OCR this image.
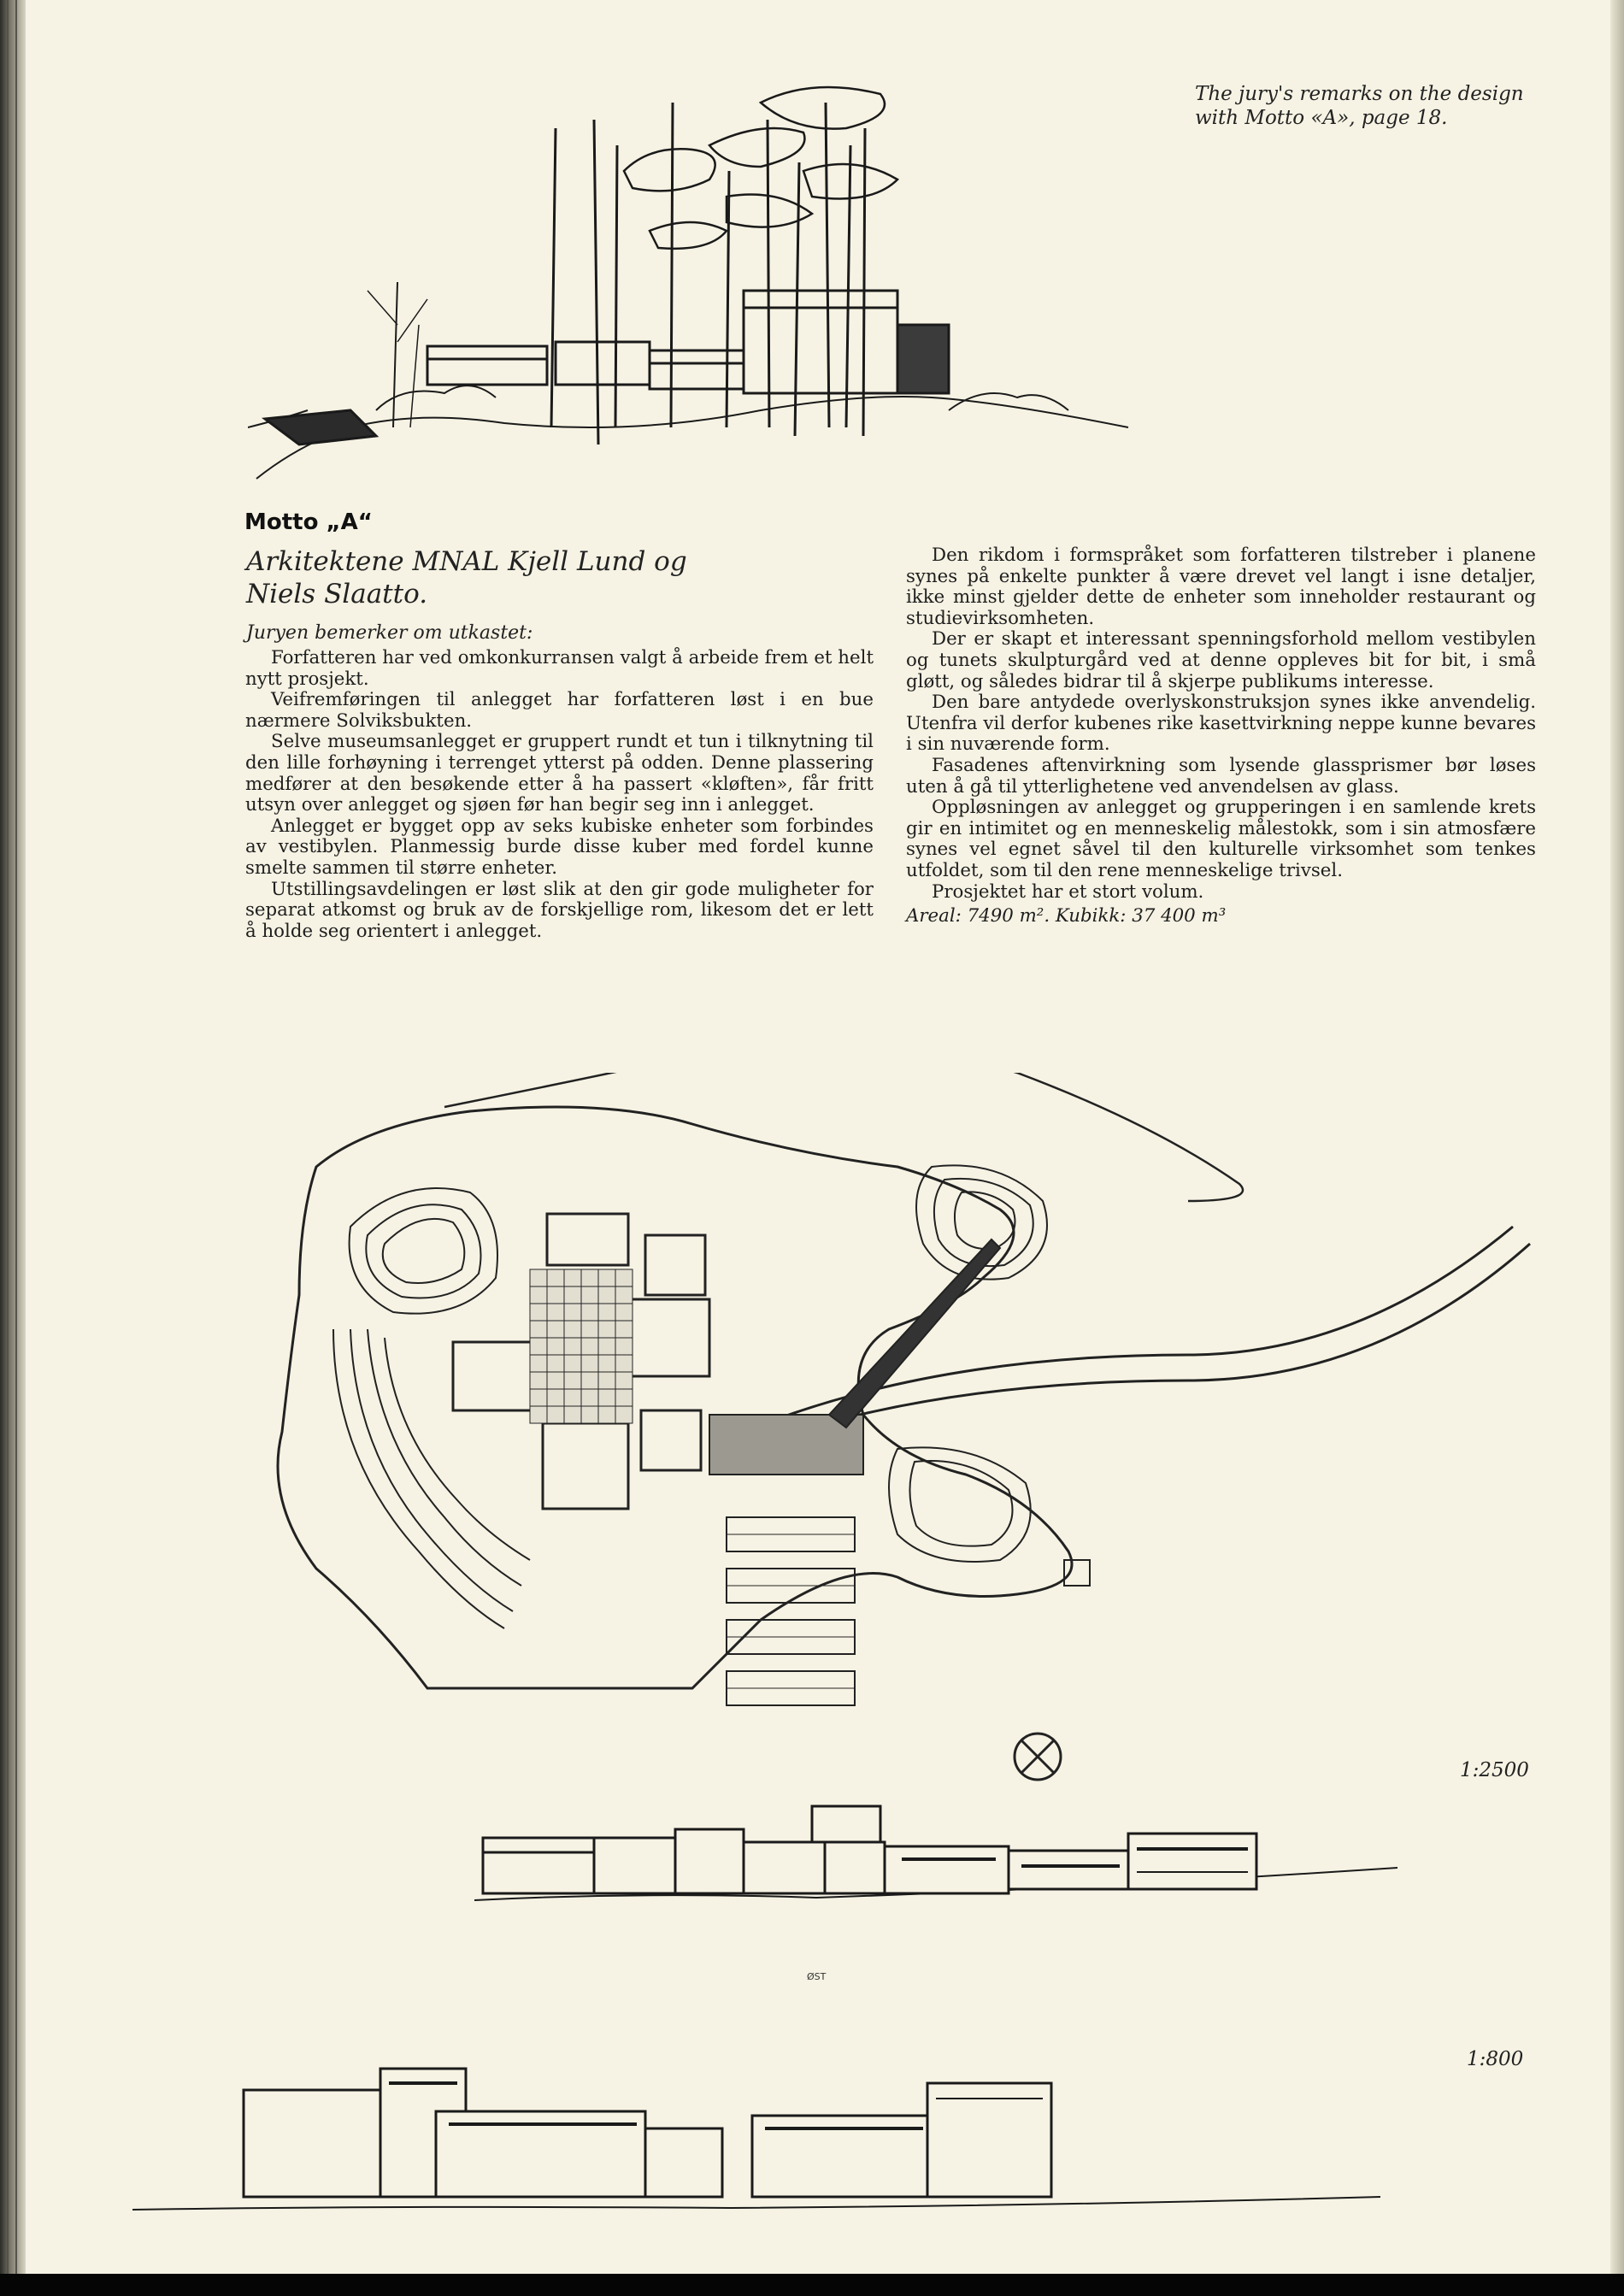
The jury's remarks on the design
with Motto «A», page 18.
Motto „A“
Arkitektene MNAL Kjell Lund og
Niels Slaatto.
Juryen bemerker om utkastet:

Forfatteren har ved omkonkurransen valgt å arbeide frem et helt nytt prosjekt.

Veifremføringen til anlegget har forfatteren løst i en bue nærmere Solviksbukten.

Selve museumsanlegget er gruppert rundt et tun i tilknytning til den lille forhøyning i terrenget ytterst på odden. Denne plassering medfører at den besøkende etter å ha passert «kløften», får fritt utsyn over anlegget og sjøen før han begir seg inn i anlegget.

Anlegget er bygget opp av seks kubiske enheter som forbindes av vestibylen. Planmessig burde disse kuber med fordel kunne smelte sammen til større enheter.

Utstillingsavdelingen er løst slik at den gir gode muligheter for separat atkomst og bruk av de forskjellige rom, likesom det er lett å holde seg orientert i anlegget.

Den rikdom i formspråket som forfatteren tilstreber i planene synes på enkelte punkter å være drevet vel langt i isne detaljer, ikke minst gjelder dette de enheter som inneholder restaurant og studievirksomheten.

Der er skapt et interessant spenningsforhold mellom vestibylen og tunets skulpturgård ved at denne oppleves bit for bit, i små gløtt, og således bidrar til å skjerpe publikums interesse.

Den bare antydede overlyskonstruksjon synes ikke anvendelig. Utenfra vil derfor kubenes rike kasettvirkning neppe kunne bevares i sin nuværende form.

Fasadenes aftenvirkning som lysende glassprismer bør løses uten å gå til ytterlighetene ved anvendelsen av glass.

Oppløsningen av anlegget og grupperingen i en samlende krets gir en intimitet og en menneskelig målestokk, som i sin atmosfære synes vel egnet såvel til den kulturelle virksomhet som tenkes utfoldet, som til den rene menneskelige trivsel.

Prosjektet har et stort volum.

Areal: 7490 m². Kubikk: 37 400 m³

1:2500
ØST
1:800
